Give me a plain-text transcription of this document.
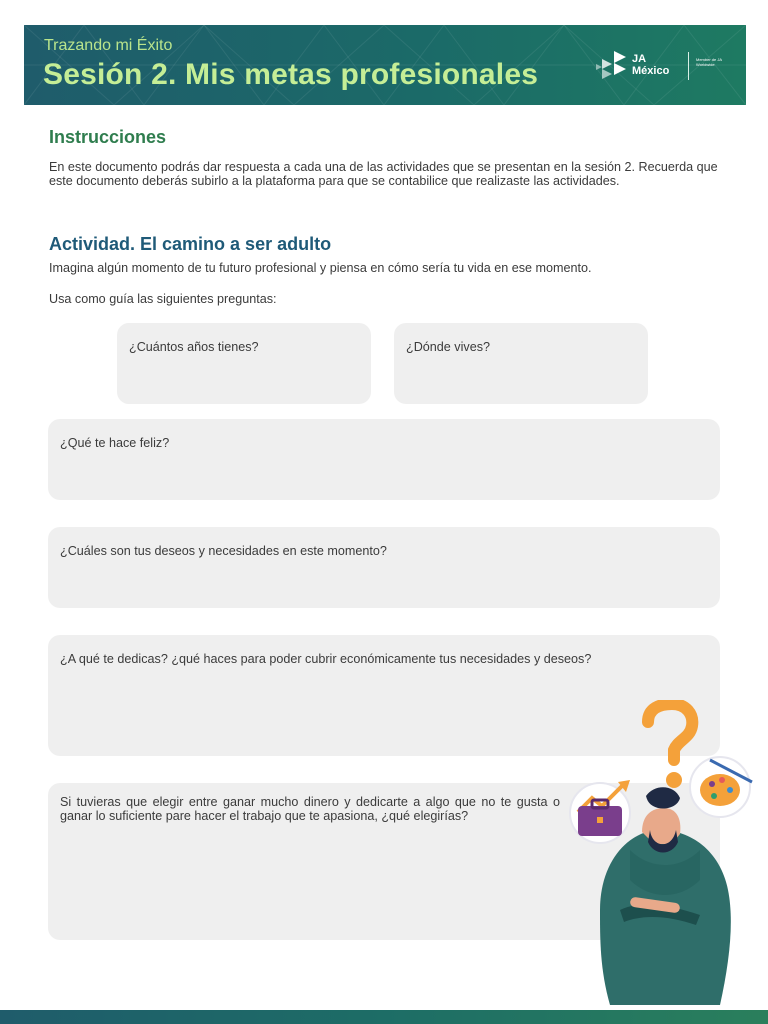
Trazando mi Éxito
Sesión 2. Mis metas profesionales	JA
México
Member de JA Worldwide
Instrucciones
En este documento podrás dar respuesta a cada una de las actividades que se presentan en la sesión 2. Recuerda que este documento deberás subirlo a la plataforma para que se contabilice que realizaste las actividades.
Actividad. El camino a ser adulto
Imagina algún momento de tu futuro profesional y piensa en cómo sería tu vida en ese momento.
Usa como guía las siguientes preguntas:
¿Cuántos años tienes?	¿Dónde vives?
¿Qué te hace feliz?
¿Cuáles son tus deseos y necesidades en este momento?
¿A qué te dedicas? ¿qué haces para poder cubrir económicamente tus necesidades y deseos?
Si tuvieras que elegir entre ganar mucho dinero y dedicarte a algo que no te gusta o ganar lo suficiente pare hacer el trabajo que te apasiona, ¿qué elegirías?
